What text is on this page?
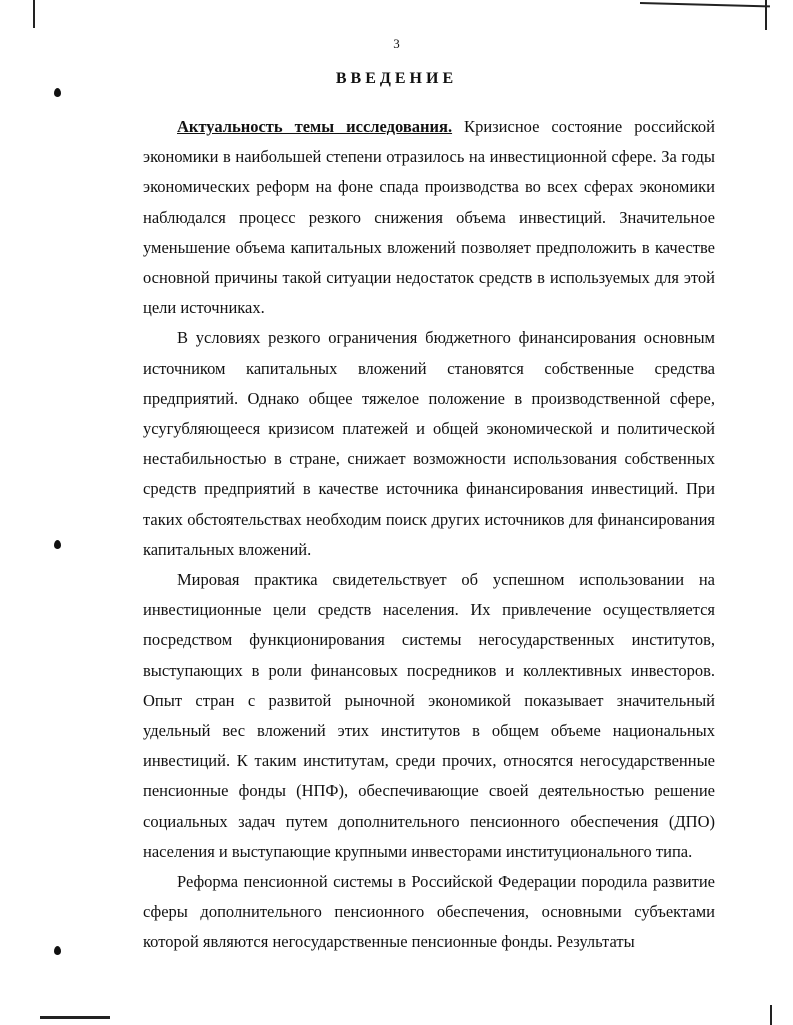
3
ВВЕДЕНИЕ

Актуальность темы исследования. Кризисное состояние российской экономики в наибольшей степени отразилось на инвестиционной сфере. За годы экономических реформ на фоне спада производства во всех сферах экономики наблюдался процесс резкого снижения объема инвестиций. Значительное уменьшение объема капитальных вложений позволяет предположить в качестве основной причины такой ситуации недостаток средств в используемых для этой цели источниках.

В условиях резкого ограничения бюджетного финансирования основным источником капитальных вложений становятся собственные средства предприятий. Однако общее тяжелое положение в производственной сфере, усугубляющееся кризисом платежей и общей экономической и политической нестабильностью в стране, снижает возможности использования собственных средств предприятий в качестве источника финансирования инвестиций. При таких обстоятельствах необходим поиск других источников для финансирования капитальных вложений.

Мировая практика свидетельствует об успешном использовании на инвестиционные цели средств населения. Их привлечение осуществляется посредством функционирования системы негосударственных институтов, выступающих в роли финансовых посредников и коллективных инвесторов. Опыт стран с развитой рыночной экономикой показывает значительный удельный вес вложений этих институтов в общем объеме национальных инвестиций. К таким институтам, среди прочих, относятся негосударственные пенсионные фонды (НПФ), обеспечивающие своей деятельностью решение социальных задач путем дополнительного пенсионного обеспечения (ДПО) населения и выступающие крупными инвесторами институционального типа.

Реформа пенсионной системы в Российской Федерации породила развитие сферы дополнительного пенсионного обеспечения, основными субъектами которой являются негосударственные пенсионные фонды. Результаты
